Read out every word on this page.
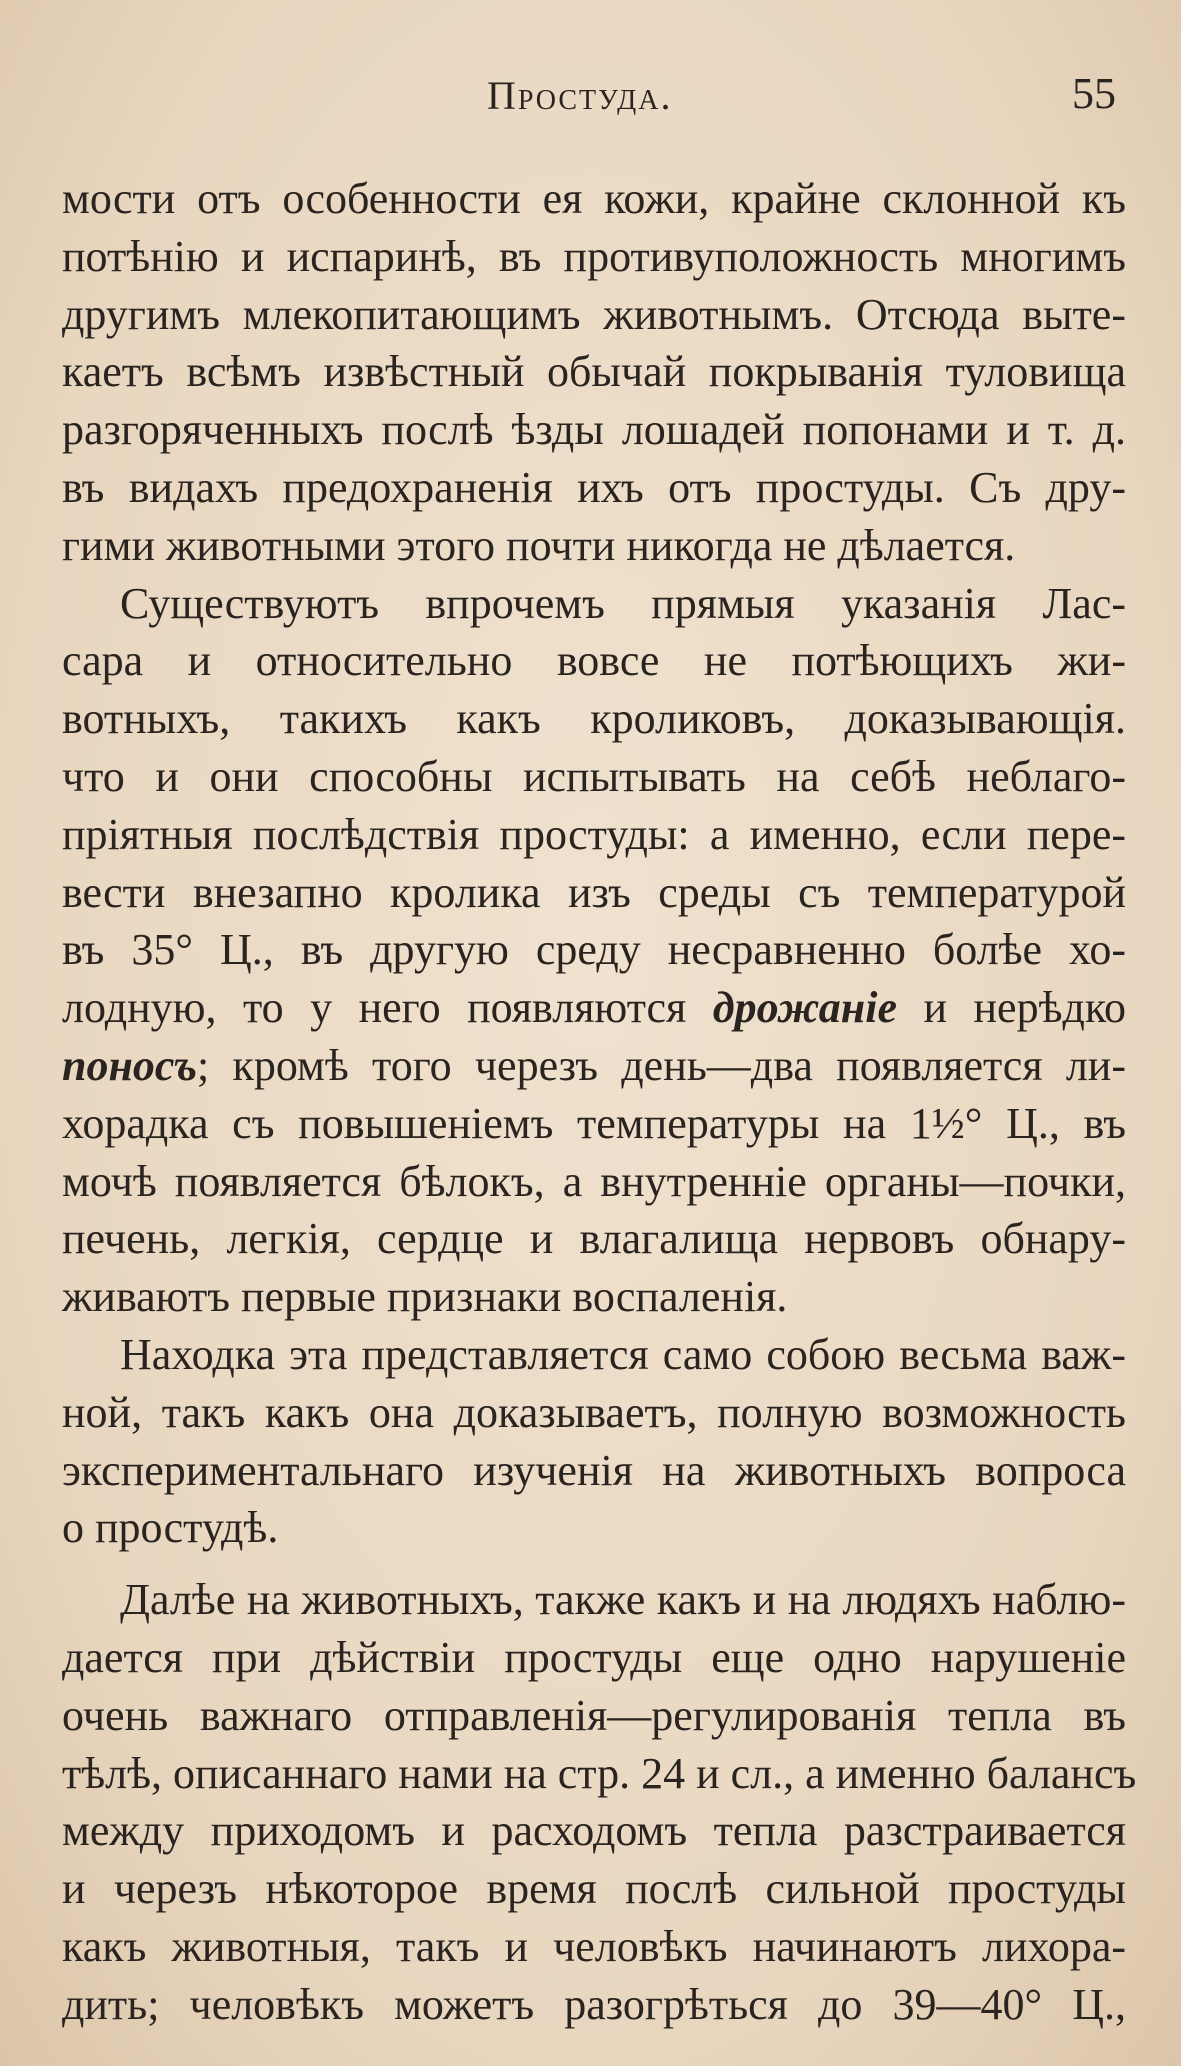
Простуда.	55
мости отъ особенности ея кожи, крайне склонной къ
потѣнію и испаринѣ, въ противуположность многимъ
другимъ млекопитающимъ животнымъ. Отсюда выте-
каетъ всѣмъ извѣстный обычай покрыванія туловища
разгоряченныхъ послѣ ѣзды лошадей попонами и т. д.
въ видахъ предохраненія ихъ отъ простуды. Съ дру-
гими животными этого почти никогда не дѣлается.
Существуютъ впрочемъ прямыя указанія Лас-
сара и относительно вовсе не потѣющихъ жи-
вотныхъ, такихъ какъ кроликовъ, доказывающія.
что и они способны испытывать на себѣ неблаго-
пріятныя послѣдствія простуды: а именно, если пере-
вести внезапно кролика изъ среды съ температурой
въ 35° Ц., въ другую среду несравненно болѣе хо-
лодную, то у него появляются дрожаніе и нерѣдко
поносъ; кромѣ того черезъ день—два появляется ли-
хорадка съ повышеніемъ температуры на 1½° Ц., въ
мочѣ появляется бѣлокъ, а внутренніе органы—почки,
печень, легкія, сердце и влагалища нервовъ обнару-
живаютъ первые признаки воспаленія.
Находка эта представляется само собою весьма важ-
ной, такъ какъ она доказываетъ, полную возможность
экспериментальнаго изученія на животныхъ вопроса
о простудѣ.
Далѣе на животныхъ, также какъ и на людяхъ наблю-
дается при дѣйствіи простуды еще одно нарушеніе
очень важнаго отправленія—регулированія тепла въ
тѣлѣ, описаннаго нами на стр. 24 и сл., а именно балансъ
между приходомъ и расходомъ тепла разстраивается
и черезъ нѣкоторое время послѣ сильной простуды
какъ животныя, такъ и человѣкъ начинаютъ лихора-
дить; человѣкъ можетъ разогрѣться до 39—40° Ц.,
